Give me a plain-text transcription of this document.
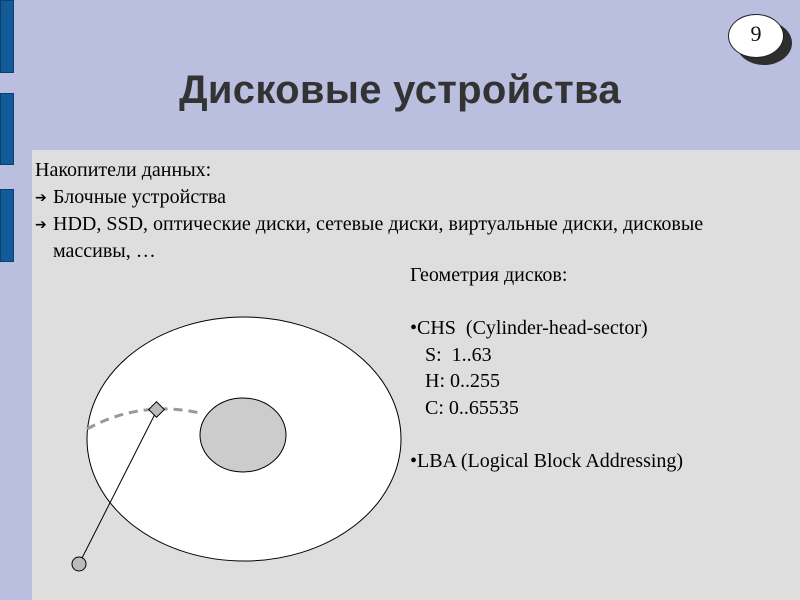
9
Дисковые устройства
Накопители данных:
➔ Блочные устройства
➔ HDD, SSD, оптические диски, сетевые диски, виртуальные диски, дисковые массивы, …
Геометрия дисков:
•CHS  (Cylinder-head-sector)
S:  1..63
H: 0..255
C: 0..65535
•LBA (Logical Block Addressing)
